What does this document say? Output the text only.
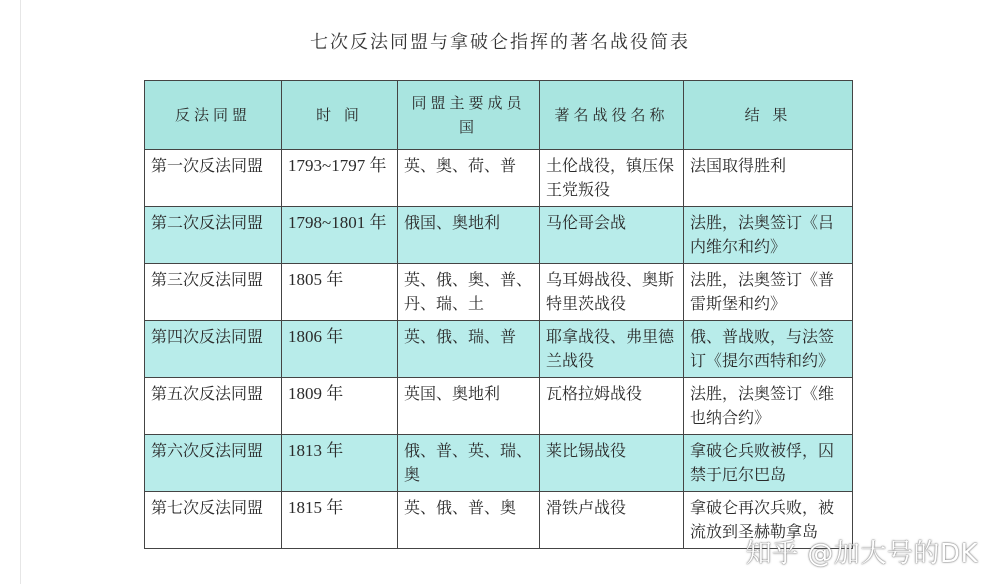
七次反法同盟与拿破仑指挥的著名战役简表
反法同盟	时 间	同盟主要成员国	著名战役名称	结 果
第一次反法同盟	1793~1797 年	英、奥、荷、普	土伦战役，镇压保王党叛役	法国取得胜利
第二次反法同盟	1798~1801 年	俄国、奥地利	马伦哥会战	法胜，法奥签订《吕内维尔和约》
第三次反法同盟	1805 年	英、俄、奥、普、丹、瑞、土	乌耳姆战役、奥斯特里茨战役	法胜，法奥签订《普雷斯堡和约》
第四次反法同盟	1806 年	英、俄、瑞、普	耶拿战役、弗里德兰战役	俄、普战败，与法签订《提尔西特和约》
第五次反法同盟	1809 年	英国、奥地利	瓦格拉姆战役	法胜，法奥签订《维也纳合约》
第六次反法同盟	1813 年	俄、普、英、瑞、奥	莱比锡战役	拿破仑兵败被俘，囚禁于厄尔巴岛
第七次反法同盟	1815 年	英、俄、普、奥	滑铁卢战役	拿破仑再次兵败，被流放到圣赫勒拿岛
知乎 @加大号的DK
